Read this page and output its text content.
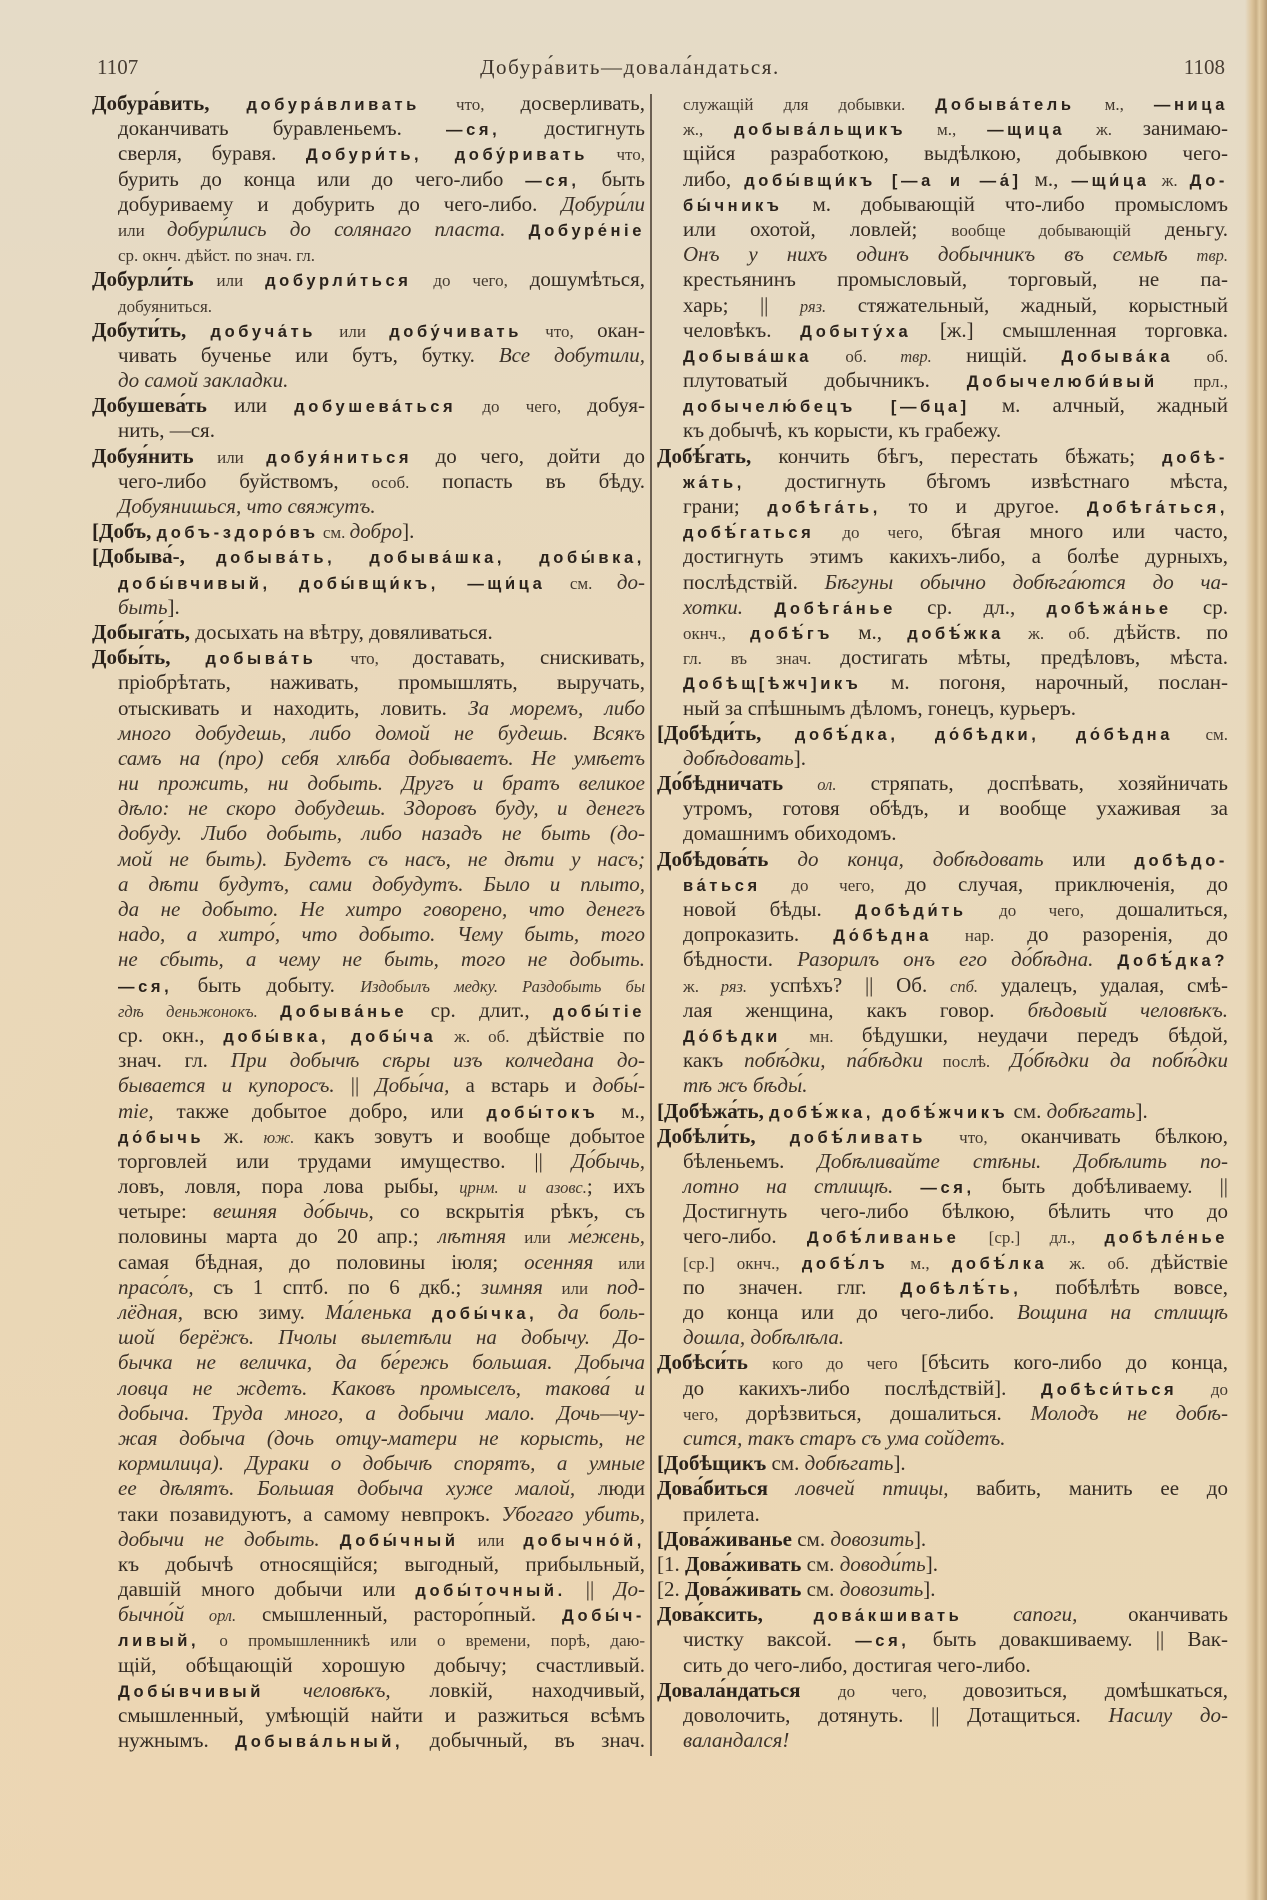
1107	Добура́вить—довала́ндаться.	1108
Добура́вить, добура́вливать что, досверливать,
доканчивать буравленьемъ. —ся, достигнуть
сверля, буравя. Добури́ть, добу́ривать что,
бурить до конца или до чего-либо —ся, быть
добуриваему и добурить до чего-либо. Добури́ли
или добури́лись до солянаго пласта. Добуре́ніе
ср. окнч. дѣйст. по знач. гл.
Добурли́ть или добурли́ться до чего, дошумѣться,
добуяниться.
Добути́ть, добуча́ть или добу́чивать что, окан-
чивать бученье или бутъ, бутку. Все добутили,
до самой закладки.
Добушева́ть или добушева́ться до чего, добуя-
нить, —ся.
Добуя́нить или добуя́ниться до чего, дойти до
чего-либо буйствомъ, особ. попасть въ бѣду.
Добуянишься, что свяжутъ.
[Добъ, добъ-здоро́въ см. добро].
[Добыва́-, добыва́ть, добыва́шка, добы́вка,
добы́вчивый, добы́вщи́къ, —щи́ца см. до-
быть].
Добыга́ть, досыхать на вѣтру, довяливаться.
Добы́ть, добыва́ть что, доставать, снискивать,
пріобрѣтать, наживать, промышлять, выручать,
отыскивать и находить, ловить. За моремъ, либо
много добудешь, либо домой не будешь. Всякъ
самъ на (про) себя хлѣба добываетъ. Не умѣетъ
ни прожить, ни добыть. Другъ и братъ великое
дѣло: не скоро добудешь. Здоровъ буду, и денегъ
добуду. Либо добыть, либо назадъ не быть (до-
мой не быть). Будетъ съ насъ, не дѣти у насъ;
а дѣти будутъ, сами добудутъ. Было и плыто,
да не добыто. Не хитро говорено, что денегъ
надо, а хитро́, что добыто. Чему быть, того
не сбыть, а чему не быть, того не добыть.
—ся, быть добыту. Издобылъ медку. Раздобыть бы
гдѣ деньжонокъ. Добыва́нье ср. длит., добы́тіе
ср. окн., добы́вка, добы́ча ж. об. дѣйствіе по
знач. гл. При добычѣ сѣры изъ колчедана до-
бывается и купоросъ. || Добы́ча, а встарь и добы́-
тіе, также добытое добро, или добы́токъ м.,
до́бычь ж. юж. какъ зовутъ и вообще добытое
торговлей или трудами имущество. || До́бычь,
ловъ, ловля, пора лова рыбы, црнм. и азовс.; ихъ
четыре: вешняя до́бычь, со вскрытія рѣкъ, съ
половины марта до 20 апр.; лѣтняя или ме́жень,
самая бѣдная, до половины іюля; осенняя или
прасо́лъ, съ 1 сптб. по 6 дкб.; зимняя или под-
лёдная, всю зиму. Ма́ленька добы́чка, да боль-
шой берёжъ. Пчолы вылетѣли на добычу. До-
бычка не величка, да бе́режь большая. Добыча
ловца не ждетъ. Каковъ промыселъ, такова́ и
добыча. Труда много, а добычи мало. Дочь—чу-
жая добыча (дочь отцу-матери не корысть, не
кормилица). Дураки о добычѣ спорятъ, а умные
ее дѣлятъ. Большая добыча хуже малой, люди
таки позавидуютъ, а самому невпрокъ. Убогаго убить,
добычи не добыть. Добы́чный или добычно́й,
къ добычѣ относящійся; выгодный, прибыльный,
давшій много добычи или добы́точный. || До-
бычно́й орл. смышленный, расторо́пный. Добы́ч-
ливый, о промышленникѣ или о времени, порѣ, даю-
щій, обѣщающій хорошую добычу; счастливый.
Добы́вчивый человѣкъ, ловкій, находчивый,
смышленный, умѣющій найти и разжиться всѣмъ
нужнымъ. Добыва́льный, добычный, въ знач.
служащій для добывки. Добыва́тель м., —ница
ж., добыва́льщикъ м., —щица ж. занимаю-
щійся разработкою, выдѣлкою, добывкою чего-
либо, добы́вщи́къ [—а и —а́] м., —щи́ца ж. До-
бы́чникъ м. добывающій что-либо промысломъ
или охотой, ловлей; вообще добывающій деньгу.
Онъ у нихъ одинъ добычникъ въ семьѣ твр.
крестьянинъ промысловый, торговый, не па-
харь; || ряз. стяжательный, жадный, корыстный
человѣкъ. Добыту́ха [ж.] смышленная торговка.
Добыва́шка об. твр. нищій. Добыва́ка об.
плутоватый добычникъ. Добычелюби́вый прл.,
добычелю́бецъ [—бца] м. алчный, жадный
къ добычѣ, къ корысти, къ грабежу.
Добѣ́гать, кончить бѣгъ, перестать бѣжать; добѣ-
жа́ть, достигнуть бѣгомъ извѣстнаго мѣста,
грани; добѣга́ть, то и другое. Добѣга́ться,
добѣ́гаться до чего, бѣгая много или часто,
достигнуть этимъ какихъ-либо, а болѣе дурныхъ,
послѣдствій. Бѣгуны обычно добѣга́ются до ча-
хотки. Добѣга́нье ср. дл., добѣжа́нье ср.
окнч., добѣ́гъ м., добѣ́жка ж. об. дѣйств. по
гл. въ знач. достигать мѣты, предѣловъ, мѣста.
Добѣщ[ѣжч]икъ м. погоня, нарочный, послан-
ный за спѣшнымъ дѣломъ, гонецъ, курьеръ.
[Добѣди́ть, добѣ́дка, до́бѣдки, до́бѣдна см.
добѣдовать].
До́бѣдничать ол. стряпать, доспѣвать, хозяйничать
утромъ, готовя обѣдъ, и вообще ухаживая за
домашнимъ обиходомъ.
Добѣдова́ть до конца, добѣдовать или добѣдо-
ва́ться до чего, до случая, приключенія, до
новой бѣды. Добѣди́ть до чего, дошалиться,
допроказить. До́бѣдна нар. до разоренія, до
бѣдности. Разорилъ онъ его до́бѣдна. Добѣ́дка?
ж. ряз. успѣхъ? || Об. спб. удалецъ, удалая, смѣ-
лая женщина, какъ говор. бѣдовый человѣкъ.
До́бѣдки мн. бѣдушки, неудачи передъ бѣдой,
какъ побѣ́дки, па́бѣдки послѣ. До́бѣдки да побѣ́дки
тѣ жъ бѣды́.
[Добѣжа́ть, добѣ́жка, добѣ́жчикъ см. добѣгать].
Добѣли́ть, добѣ́ливать что, оканчивать бѣлкою,
бѣленьемъ. Добѣливайте стѣны. Добѣлить по-
лотно на стлищѣ. —ся, быть добѣливаему. ||
Достигнуть чего-либо бѣлкою, бѣлить что до
чего-либо. Добѣ́ливанье [ср.] дл., добѣле́нье
[ср.] окнч., добѣ́лъ м., добѣ́лка ж. об. дѣйствіе
по значен. глг. Добѣлѣ́ть, побѣлѣть вовсе,
до конца или до чего-либо. Вощина на стлищѣ
дошла, добѣлѣла.
Добѣси́ть кого до чего [бѣсить кого-либо до конца,
до какихъ-либо послѣдствій]. Добѣси́ться до
чего, дорѣзвиться, дошалиться. Молодъ не добѣ-
сится, такъ старъ съ ума сойдетъ.
[Добѣщикъ см. добѣгать].
Дова́биться ловчей птицы, вабить, манить ее до
прилета.
[Дова́живанье см. довозить].
[1. Дова́живать см. доводи́ть].
[2. Дова́живать см. довозить].
Дова́ксить, дова́кшивать сапоги, оканчивать
чистку ваксой. —ся, быть довакшиваему. || Вак-
сить до чего-либо, достигая чего-либо.
Довала́ндаться до чего, довозиться, домѣшкаться,
доволочить, дотянуть. || Дотащиться. Насилу до-
валандался!
